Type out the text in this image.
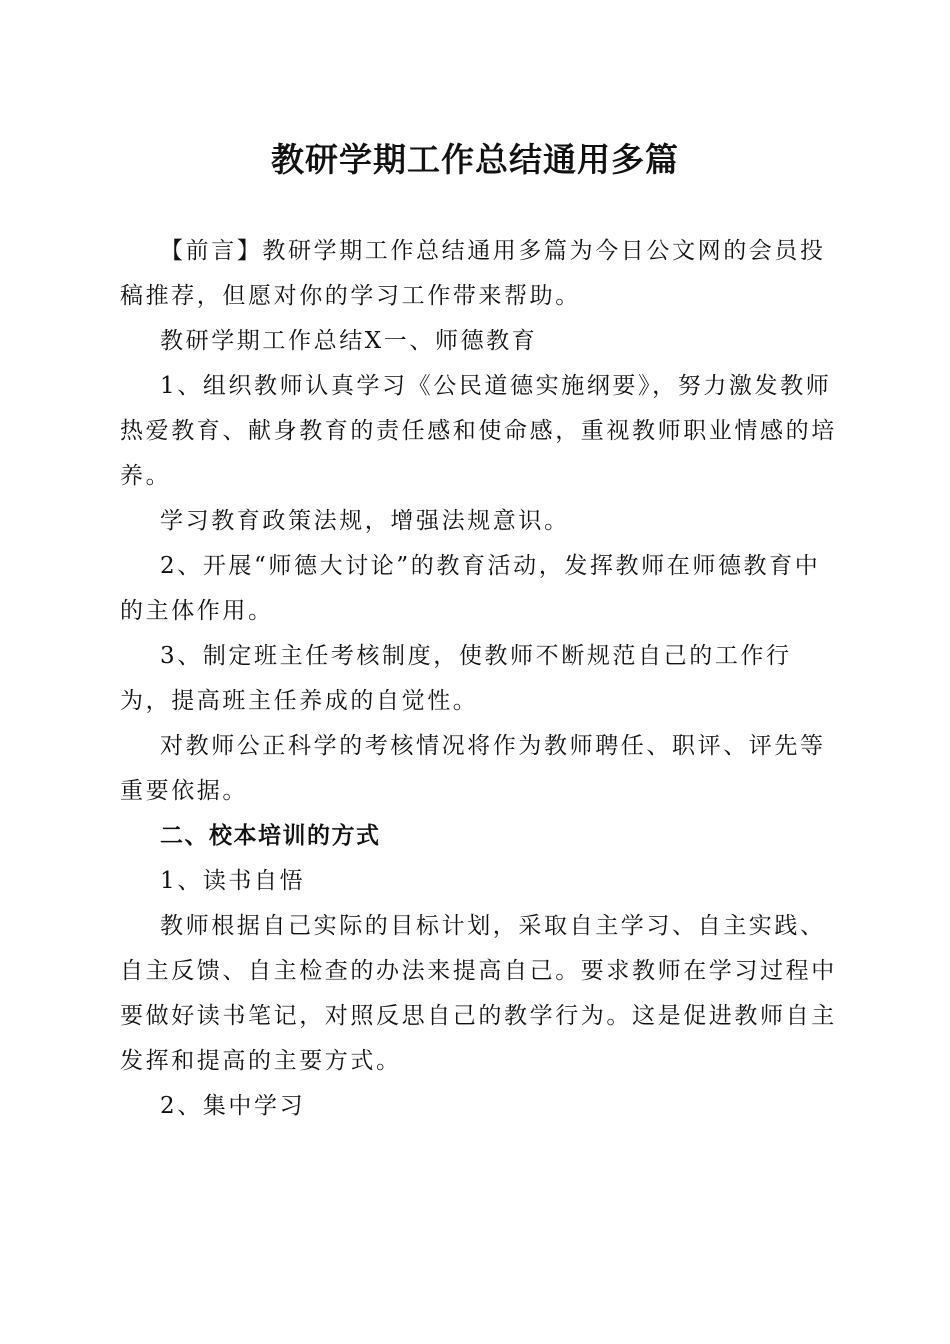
教研学期工作总结通用多篇

【前言】教研学期工作总结通用多篇为今日公文网的会员投稿推荐，但愿对你的学习工作带来帮助。

教研学期工作总结X一、师德教育

1、组织教师认真学习《公民道德实施纲要》，努力激发教师热爱教育、献身教育的责任感和使命感，重视教师职业情感的培养。

学习教育政策法规，增强法规意识。

2、开展“师德大讨论”的教育活动，发挥教师在师德教育中的主体作用。

3、制定班主任考核制度，使教师不断规范自己的工作行为，提高班主任养成的自觉性。

对教师公正科学的考核情况将作为教师聘任、职评、评先等重要依据。

二、校本培训的方式

1、读书自悟

教师根据自己实际的目标计划，采取自主学习、自主实践、自主反馈、自主检查的办法来提高自己。要求教师在学习过程中要做好读书笔记，对照反思自己的教学行为。这是促进教师自主发挥和提高的主要方式。

2、集中学习
